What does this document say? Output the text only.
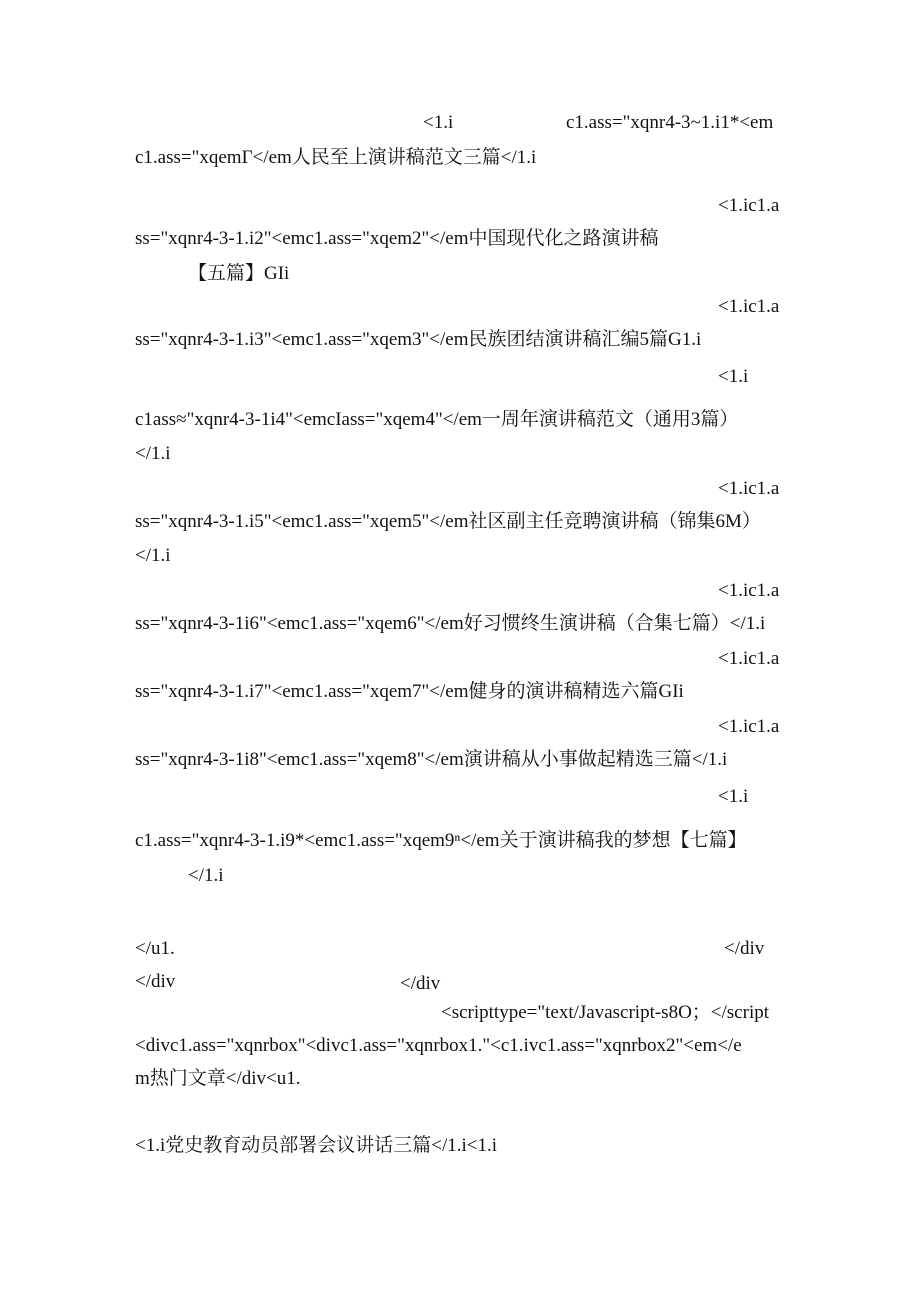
<1.i	c1.ass="xqnr4-3~1.i1*<em
c1.ass="xqemΓ</em人民至上演讲稿范文三篇</1.i
<1.ic1.a
ss="xqnr4-3-1.i2"<emc1.ass="xqem2"</em中国现代化之路演讲稿
【五篇】GIi
<1.ic1.a
ss="xqnr4-3-1.i3"<emc1.ass="xqem3"</em民族团结演讲稿汇编5篇G1.i
<1.i
c1ass≈"xqnr4-3-1i4"<emcIass="xqem4"</em一周年演讲稿范文（通用3篇）
</1.i
<1.ic1.a
ss="xqnr4-3-1.i5"<emc1.ass="xqem5"</em社区副主任竞聘演讲稿（锦集6M）
</1.i
<1.ic1.a
ss="xqnr4-3-1i6"<emc1.ass="xqem6"</em好习惯终生演讲稿（合集七篇）</1.i
<1.ic1.a
ss="xqnr4-3-1.i7"<emc1.ass="xqem7"</em健身的演讲稿精选六篇GIi
<1.ic1.a
ss="xqnr4-3-1i8"<emc1.ass="xqem8"</em演讲稿从小事做起精选三篇</1.i
<1.i
c1.ass="xqnr4-3-1.i9*<emc1.ass="xqem9ⁿ</em关于演讲稿我的梦想【七篇】
</1.i
</u1.	</div
</div	</div
<scripttype="text/Javascript-s8O；</script
<divc1.ass="xqnrbox"<divc1.ass="xqnrbox1."<c1.ivc1.ass="xqnrbox2"<em</e
m热门文章</div<u1.
<1.i党史教育动员部署会议讲话三篇</1.i<1.i
